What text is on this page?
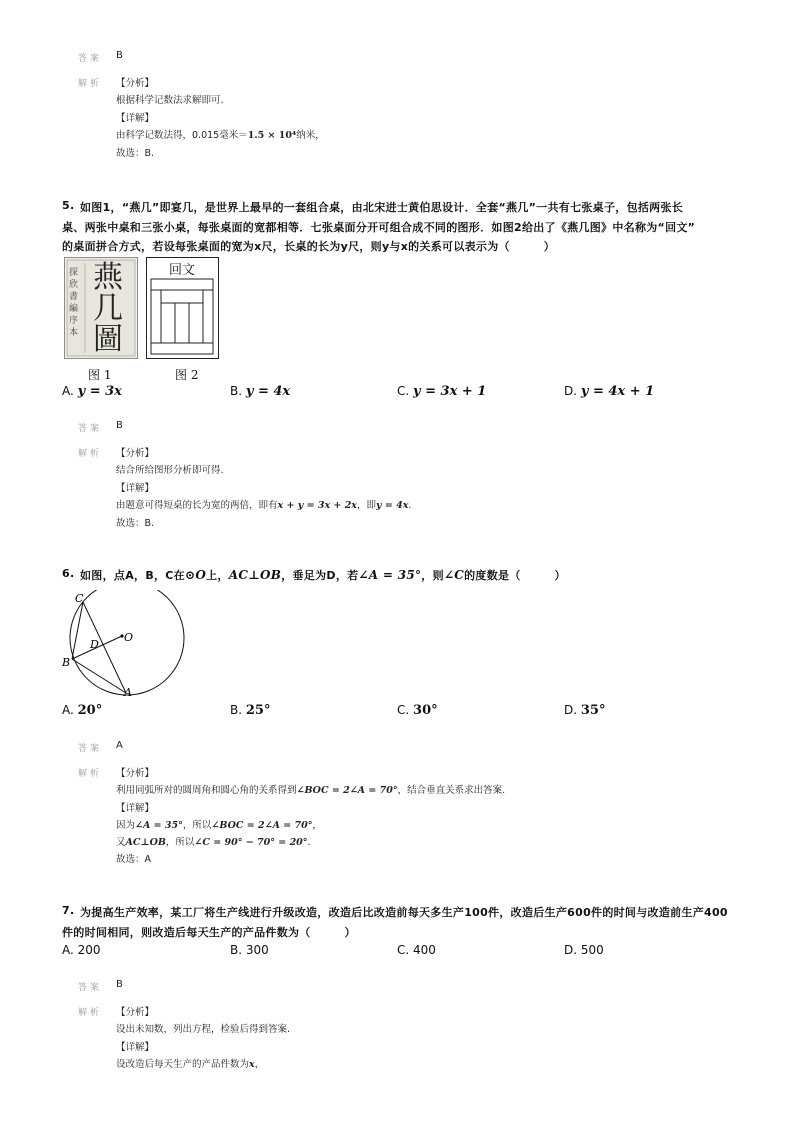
答案 B
解析 【分析】
根据科学记数法求解即可.
【详解】
由科学记数法得，0.015毫米＝1.5 × 10⁴纳米，
故选：B.
5. 如图1，“燕几”即宴几，是世界上最早的一套组合桌，由北宋进士黄伯思设计．全套“燕几”一共有七张桌子，包括两张长
桌、两张中桌和三张小桌，每张桌面的宽都相等．七张桌面分开可组合成不同的图形．如图2给出了《燕几图》中名称为“回文”
的桌面拼合方式，若设每张桌面的宽为x尺，长桌的长为y尺，则y与x的关系可以表示为（　　　）
探欣書編序本
燕几圖
回文
图 1	图 2
A. y = 3x	B. y = 4x	C. y = 3x + 1	D. y = 4x + 1
答案 B
解析 【分析】
结合所给图形分析即可得.
【详解】
由题意可得短桌的长为宽的两倍，即有x + y = 3x + 2x，即y = 4x.
故选：B.
6. 如图，点A，B，C在⊙O上，AC⊥OB，垂足为D，若∠A = 35°，则∠C的度数是（　　　）
C
B
A
D
O
A. 20°	B. 25°	C. 30°	D. 35°
答案 A
解析 【分析】
利用同弧所对的圆周角和圆心角的关系得到∠BOC = 2∠A = 70°，结合垂直关系求出答案.
【详解】
因为∠A = 35°，所以∠BOC = 2∠A = 70°，
又AC⊥OB，所以∠C = 90° − 70° = 20°.
故选：A
7. 为提高生产效率，某工厂将生产线进行升级改造，改造后比改造前每天多生产100件，改造后生产600件的时间与改造前生产400
件的时间相同，则改造后每天生产的产品件数为（　　　）
A. 200	B. 300	C. 400	D. 500
答案 B
解析 【分析】
设出未知数，列出方程，检验后得到答案.
【详解】
设改造后每天生产的产品件数为x，
